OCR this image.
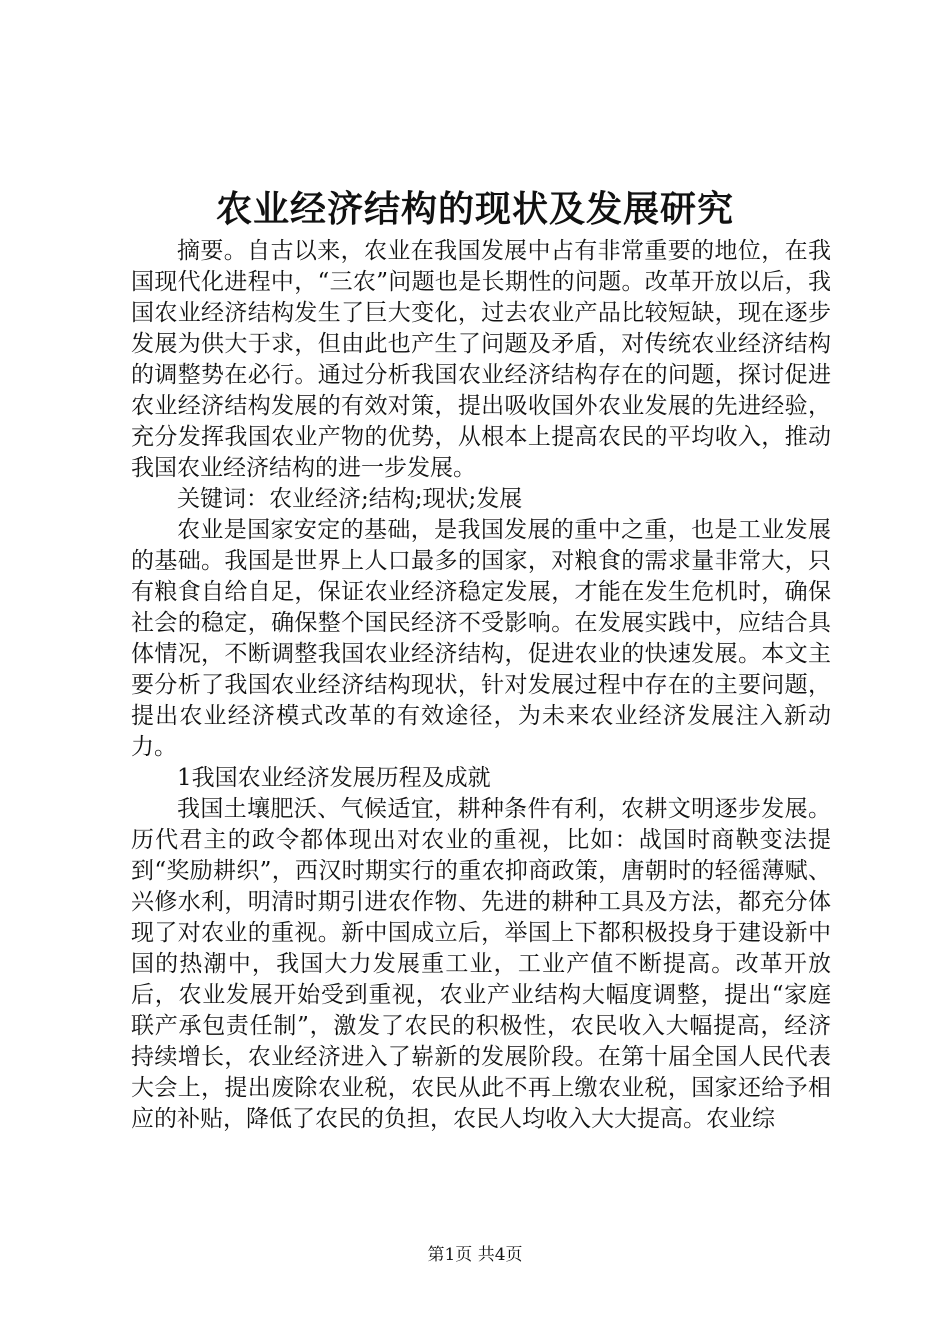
农业经济结构的现状及发展研究

摘要。自古以来，农业在我国发展中占有非常重要的地位，在我国现代化进程中，“三农”问题也是长期性的问题。改革开放以后，我国农业经济结构发生了巨大变化，过去农业产品比较短缺，现在逐步发展为供大于求，但由此也产生了问题及矛盾，对传统农业经济结构的调整势在必行。通过分析我国农业经济结构存在的问题，探讨促进农业经济结构发展的有效对策，提出吸收国外农业发展的先进经验，充分发挥我国农业产物的优势，从根本上提高农民的平均收入，推动我国农业经济结构的进一步发展。

关键词：农业经济;结构;现状;发展

农业是国家安定的基础，是我国发展的重中之重，也是工业发展的基础。我国是世界上人口最多的国家，对粮食的需求量非常大，只有粮食自给自足，保证农业经济稳定发展，才能在发生危机时，确保社会的稳定，确保整个国民经济不受影响。在发展实践中，应结合具体情况，不断调整我国农业经济结构，促进农业的快速发展。本文主要分析了我国农业经济结构现状，针对发展过程中存在的主要问题，提出农业经济模式改革的有效途径，为未来农业经济发展注入新动力。

1我国农业经济发展历程及成就

我国土壤肥沃、气候适宜，耕种条件有利，农耕文明逐步发展。历代君主的政令都体现出对农业的重视，比如：战国时商鞅变法提到“奖励耕织”，西汉时期实行的重农抑商政策，唐朝时的轻徭薄赋、兴修水利，明清时期引进农作物、先进的耕种工具及方法，都充分体现了对农业的重视。新中国成立后，举国上下都积极投身于建设新中国的热潮中，我国大力发展重工业，工业产值不断提高。改革开放后，农业发展开始受到重视，农业产业结构大幅度调整，提出“家庭联产承包责任制”，激发了农民的积极性，农民收入大幅提高，经济持续增长，农业经济进入了崭新的发展阶段。在第十届全国人民代表大会上，提出废除农业税，农民从此不再上缴农业税，国家还给予相应的补贴，降低了农民的负担，农民人均收入大大提高。农业综

第1页 共4页
